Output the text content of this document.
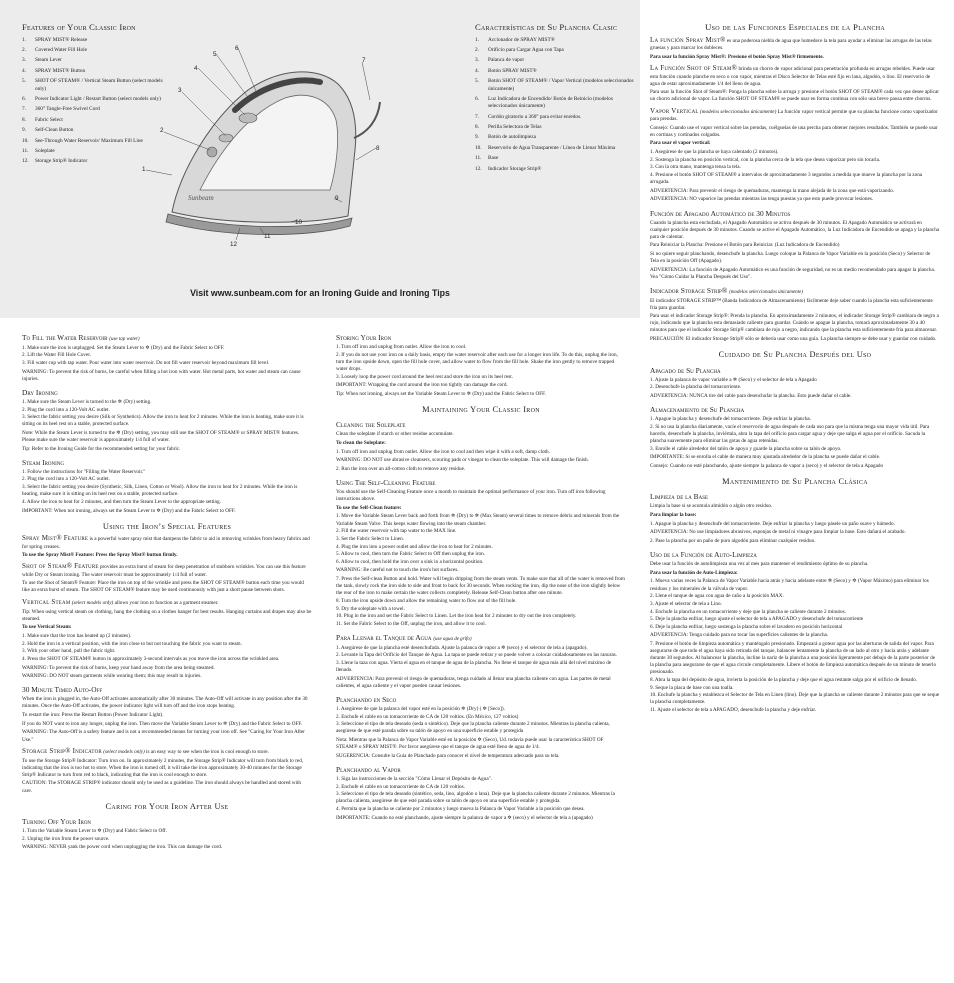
Features of Your Classic Iron
1. SPRAY MIST® Release
2. Covered Water Fill Hole
3. Steam Lever
4. SPRAY MIST® Button
5. SHOT OF STEAM® / Vertical Steam Button (select models only)
6. Power Indicator Light / Restart Button (select models only)
7. 360° Tangle-Free Swivel Cord
8. Fabric Select
9. Self-Clean Button
10. See-Through Water Reservoir/ Maximum Fill Line
11. Soleplate
12. Storage Strip® Indicator
Sunbeam
1
2
3
4
5
6
7
8
9
10
11
12
Características de Su Plancha Clasic
1. Accionador de SPRAY MIST®
2. Orificio para Cargar Agua con Tapa
3. Palanca de vapor
4. Botón SPRAY MIST®
5. Botón SHOT OF STEAM® / Vapor Vertical (modelos seleccionados únicamente)
6. Luz Indicadora de Encendido/ Botón de Reinicio (modelos seleccionados únicamente)
7. Cordón giratorio a 360° para evitar enredos.
8. Perilla Selectora de Telas
9. Botón de autolimpieza
10. Reservorio de Agua Transparente / Línea de Llenar Máxima
11. Base
12. Indicador Storage Strip®
Visit www.sunbeam.com for an Ironing Guide and Ironing Tips
To Fill the Water Reservoir (use tap water)
1. Make sure the iron is unplugged. Set the Steam Lever to ✲ (Dry) and the Fabric Select to OFF.
2. Lift the Water Fill Hole Cover.
3. Fill water cup with tap water. Pour water into water reservoir. Do not fill water reservoir beyond maximum fill level.

WARNING: To prevent the risk of burns, be careful when filling a hot iron with water. Hot metal parts, hot water and steam can cause injuries.

Dry Ironing
1. Make sure the Steam Lever is turned to the ✲ (Dry) setting.
2. Plug the cord into a 120-Volt AC outlet.
3. Select the fabric setting you desire (Silk or Synthetics). Allow the iron to heat for 2 minutes. While the iron is heating, make sure it is sitting on its heel rest on a stable, protected surface.

Note: While the Steam Lever is turned to the ✲ (Dry) setting, you may still use the SHOT OF STEAM® or SPRAY MIST® features. Please make sure the water reservoir is approximately 1/4 full of water.

Tip: Refer to the Ironing Guide for the recommended setting for your fabric.

Steam Ironing
1. Follow the instructions for "Filling the Water Reservoir."
2. Plug the cord into a 120-Volt AC outlet.
3. Select the fabric setting you desire (Synthetic, Silk, Linen, Cotton or Wool). Allow the iron to heat for 2 minutes. While the iron is heating, make sure it is sitting on its heel rest on a stable, protected surface.
4. Allow the iron to heat for 2 minutes, and then turn the Steam Lever to the appropriate setting.

IMPORTANT: When not ironing, always set the Steam Lever to ✲ (Dry) and the Fabric Select to OFF.

Using the Iron’s Special Features

Spray Mist® Feature is a powerful water spray mist that dampens the fabric to aid in removing wrinkles from heavy fabrics and for spring creases.

To use the Spray Mist® Feature: Press the Spray Mist® button firmly.

Shot of Steam® Feature provides an extra burst of steam for deep penetration of stubborn wrinkles. You can use this feature while Dry or Steam ironing. The water reservoir must be approximately 1/4 full of water.

To use the Shot of Steam® Feature: Place the iron on top of the wrinkle and press the SHOT OF STEAM® button each time you would like an extra burst of steam. The SHOT OF STEAM® feature may be used continuously with just a short pause between shots.

Vertical Steam (select models only) allows your iron to function as a garment steamer.

Tip: When using vertical steam on clothing, hang the clothing on a clothes hanger for best results. Hanging curtains and drapes may also be steamed.

To use Vertical Steam:

1. Make sure that the iron has heated up (2 minutes).
2. Hold the iron in a vertical position, with the iron close to but not touching the fabric you want to steam.
3. With your other hand, pull the fabric tight.
4. Press the SHOT OF STEAM® button in approximately 3-second intervals as you move the iron across the wrinkled area.

WARNING: To prevent the risk of burns, keep your hand away from the area being steamed.

WARNING: DO NOT steam garments while wearing them; this may result in injuries.

30 Minute Timed Auto-Off

When the iron is plugged in, the Auto-Off activates automatically after 30 minutes. The Auto-Off will activate in any position after the 30 minutes. Once the Auto-Off activates, the power indicator light will turn off and the iron stops heating.

To restart the iron: Press the Restart Button (Power Indicator Light).

If you do NOT want to iron any longer, unplug the iron. Then move the Variable Steam Lever to ✲ (Dry) and the Fabric Select to OFF.

WARNING: The Auto-Off is a safety feature and is not a recommended means for turning your iron off. See "Caring for Your Iron After Use."

Storage Strip® Indicator (select models only) is an easy way to see when the iron is cool enough to store.

To use the Storage Strip® Indicator: Turn iron on. In approximately 2 minutes, the Storage Strip® Indicator will turn from black to red, indicating that the iron is too hot to store. When the iron is turned off, it will take the iron approximately 30-40 minutes for the Storage Strip® Indicator to turn from red to black, indicating that the iron is cool enough to store.

CAUTION: The STORAGE STRIP® indicator should only be used as a guideline. The iron should always be handled and stored with care.

Caring for Your Iron After Use
Turning Off Your Iron
1. Turn the Variable Steam Lever to ✲ (Dry) and Fabric Select to Off.
2. Unplug the iron from the power source.

WARNING: NEVER yank the power cord when unplugging the iron. This can damage the cord.

Storing Your Iron
1. Turn off iron and unplug from outlet. Allow the iron to cool.
2. If you do not use your iron on a daily basis, empty the water reservoir after each use for a longer iron life. To do this, unplug the iron, turn the iron upside down, open the fill hole cover, and allow water to flow from the fill hole. Shake the iron gently to remove trapped water drops.
3. Loosely loop the power cord around the heel rest and store the iron on its heel rest.

IMPORTANT: Wrapping the cord around the iron too tightly can damage the cord.

Tip: When not ironing, always set the Variable Steam Lever to ✲ (Dry) and the Fabric Select to OFF.

Maintaining Your Classic Iron
Cleaning the Soleplate

Clean the soleplate if starch or other residue accumulate.

To clean the Soleplate:

1. Turn off iron and unplug from outlet. Allow the iron to cool and then wipe it with a soft, damp cloth.

WARNING: DO NOT use abrasive cleansers, scouring pads or vinegar to clean the soleplate. This will damage the finish.

2. Run the iron over an all-cotton cloth to remove any residue.
Using The Self-Cleaning Feature

You should use the Self-Cleaning Feature once a month to maintain the optimal performance of your iron. Turn off iron following instructions above.

To use the Self-Clean feature:

1. Move the Variable Steam Lever back and forth from ✲ (Dry) to ✲ (Max Steam) several times to remove debris and minerals from the Variable Steam Valve. This keeps water flowing into the steam chamber.
2. Fill the water reservoir with tap water to the MAX line.
3. Set the Fabric Select to Linen.
4. Plug the iron into a power outlet and allow the iron to heat for 2 minutes.
5. Allow to cool, then turn the Fabric Select to Off then unplug the iron.
6. Allow to cool, then hold the iron over a sink in a horizontal position.

WARNING: Be careful not to touch the iron's hot surfaces.

7. Press the Self-clean Button and hold. Water will begin dripping from the steam vents. To make sure that all of the water is removed from the tank, slowly rock the iron side to side and front to back for 30 seconds. When rocking the iron, dip the nose of the iron slightly below the rear of the iron to make certain the water collects completely. Release Self-Clean button after one minute.
8. Turn the iron upside down and allow the remaining water to flow out of the fill hole.
9. Dry the soleplate with a towel.
10. Plug in the iron and set the Fabric Select to Linen. Let the iron heat for 2 minutes to dry out the iron completely.
11. Set the Fabric Select to the Off, unplug the iron, and allow it to cool.
Para Llenar el Tanque de Agua (use agua de grifo)
1. Asegúrese de que la plancha esté desenchufada. Ajuste la palanca de vapor a ✲ (seco) y el selector de tela a (apagado).
2. Levante la Tapa del Orificio del Tanque de Agua. La tapa se puede retirar y se puede volver a colocar cuidadosamente en las ranuras.
3. Llene la taza con agua. Vierta el agua en el tanque de agua de la plancha. No llene el tanque de agua más allá del nivel máximo de llenado.

ADVERTENCIA: Para prevenir el riesgo de quemaduras, tenga cuidado al llenar una plancha caliente con agua. Las partes de metal calientes, el agua caliente y el vapor pueden causar lesiones.

Planchando en Seco
1. Asegúrese de que la palanca del vapor esté en la posición ✲ (Dry) ( ✲ [Seco]).
2. Enchufe el cable en un tomacorriente de CA de 120 voltios. (En México, 127 voltios)
3. Seleccione el tipo de tela deseado (seda o sintético). Deje que la plancha caliente durante 2 minutos. Mientras la plancha calienta, asegúrese de que esté parada sobre su talón de apoyo en una superficie estable y protegida

Nota: Mientras que la Palanca de Vapor Variable esté en la posición ✲ (Seco), Ud. todavía puede usar la característica SHOT OF STEAM® o SPRAY MIST®. Por favor asegúrese que el tanque de agua esté lleno de agua de 1/4.

SUGERENCIA: Consulte la Guía de Planchado para conocer el nivel de temperatura adecuado para su tela.

Planchando al Vapor
1. Siga las instrucciones de la sección "Cómo Llenar el Depósito de Agua".
2. Enchufe el cable en un tomacorriente de CA de 120 voltios.
3. Seleccione el tipo de tela deseado (sintético, seda, lino, algodón o lana). Deje que la plancha caliente durante 2 minutos. Mientras la plancha calienta, asegúrese de que esté parada sobre su talón de apoyo en una superficie estable y protegida.
4. Permita que la plancha se caliente por 2 minutos y luego mueva la Palanca de Vapor Variable a la posición que desea.

IMPORTANTE: Cuando no esté planchando, ajuste siempre la palanca de vapor a ✲ (seco) y el selector de tela a (apagado)

Uso de las Funciones Especiales de la Plancha

La función Spray Mist® es una poderosa niebla de agua que humedece la tela para ayudar a eliminar las arrugas de las telas gruesas y para marcar los dobleces.

Para usar la función Spray Mist®: Presione el botón Spray Mist® firmemente.

La Función Shot of Steam® brinda un chorro de vapor adicional para penetración profunda en arrugas rebeldes. Puede usar esta función cuando planche en seco o con vapor, mientras el Disco Selector de Telas esté fijo en lana, algodón, o lino. El reservorio de agua de estar aproximadamente 1/4 del lleno de agua.

Para usar la función Shot of Steam®: Ponga la plancha sobre la arruga y presione el botón SHOT OF STEAM® cada vez que desee aplicar un chorro adicional de vapor. La función SHOT OF STEAM® se puede usar en forma continua con sólo una breve pausa entre chorros.

Vapor Vertical (modelos seleccionados únicamente) La función vapor vertical permite que su plancha funcione como vaporizador para prendas.

Consejo: Cuando use el vapor vertical sobre las prendas, cuélguelas de una percha para obtener mejores resultados. También se puede usar en cortinas y cortinados colgados.

Para usar el vapor vertical:

1. Asegúrese de que la plancha se haya calentado (2 minutos).
2. Sostenga la plancha en posición vertical, con la plancha cerca de la tela que desea vaporizar pero sin tocarla.
3. Con la otra mano, mantenga tensa la tela.
4. Presione el botón SHOT OF STEAM® a intervalos de aproximadamente 3 segundos a medida que mueve la plancha por la zona arrugada.

ADVERTENCIA: Para prevenir el riesgo de quemaduras, mantenga la mano alejada de la zona que está vaporizando.

ADVERTENCIA: NO vaporice las prendas mientras las tenga puestas ya que esto puede provocar lesiones.

Función de Apagado Automático de 30 Minutos

Cuando la plancha esta enchufada, el Apagado Automático se activa después de 30 minutos. El Apagado Automático se activará en cualquier posición después de 30 minutos. Cuando se active el Apagado Automático, la Luz Indicadora de Encendido se apaga y la plancha para de calentar.

Para Reiniciar la Plancha: Presione el Botón para Reiniciar. (Luz Indicadora de Encendido)

Si no quiere seguir planchando, desenchufe la plancha. Luego coloque la Palanca de Vapor Variable en la posición (Seco) y Selector de Tela en la posición Off (Apagado).

ADVERTENCIA: La función de Apagado Automático es una función de seguridad, no es un medio recomendado para apagar la plancha. Vea "Cómo Cuidar la Plancha Después del Uso".

Indicador Storage Strip® (modelos seleccionados únicamente)

El indicador STORAGE STRIP™ (Banda Indicadora de Almacenamiento) fácilmente deje saber cuando la plancha esta suficientemente fría para guardar.

Para usar el indicador Storage Strip®: Prenda la plancha. En aproximadamente 2 minutos, el indicador Storage Strip® cambiara de negro a rojo, indicando que la plancha esta demasiado caliente para guardar. Cuándo se apague la plancha, tomará aproximadamente 30 a 40 minutos para que el indicador Storage Strip® cambiara de rojo a negro, indicando que la plancha esta suficientemente fría para almacenar.

PRECAUCIÓN: El indicador Storage Strip® sólo se debería usar como una guía. La plancha siempre se debe usar y guardar con cuidado.

Cuidado de Su Plancha Después del Uso
Apagado de Su Plancha
1. Ajuste la palanca de vapor variable a ✲ (Seco) y el selector de tela a Apagado
2. Desenchufe la plancha del tomacorriente.

ADVERTENCIA: NUNCA tire del cable para desenchufar la plancha. Esto puede dañar el cable.

Almacenamiento de Su Plancha
1. Apague la plancha y desenchufe del tomacorriente. Deje enfriar la plancha.
2. Si no usa la plancha diariamente, vacíe el reservorio de agua después de cada uso para que la misma tenga una mayor vida útil. Para hacerlo, desenchufe la plancha, inviértala, abra la tapa del orificio para cargar agua y deje que salga el agua por el orificio. Sacuda la plancha suavemente para eliminar las gotas de agua retenidas.
3. Enrolle el cable alrededor del talón de apoyo y guarde la plancha sobre su talón de apoyo.

IMPORTANTE: Si se enrolla el cable de manera muy ajustada alrededor de la plancha se puede dañar el cable.

Consejo: Cuando no esté planchando, ajuste siempre la palanca de vapor a (seco) y el selector de tela a Apagado

Mantenimiento de Su Plancha Clásica
Limpieza de la Base

Limpia la base si se acumula almidón o algún otro residuo.

Para limpiar la base:

1. Apague la plancha y desenchufe del tomacorriente. Deje enfriar la plancha y luego pásele un paño suave y húmedo.

ADVERTENCIA: No use limpiadores abrasivos, esponjas de metal ni vinagre para limpiar la base. Esto dañará el acabado.

2. Pase la plancha por un paño de puro algodón para eliminar cualquier residuo.
Uso de la Función de Auto-Limpieza

Debe usar la función de autolimpieza una vez al mes para mantener el rendimiento óptimo de su plancha.

Para usar la función de Auto-Limpieza:

1. Mueva varias veces la Palanca de Vapor Variable hacia atrás y hacia adelante entre ✲ (Seco) y ✲ (Vapor Máximo) para eliminar los residuos y los minerales de la válvula de vapor.
2. Llene el tanque de agua con agua de caño a la posición MAX.
3. Ajuste el selector de tela a Lino.
4. Enchufe la plancha en un tomacorriente y deje que la plancha se caliente durante 2 minutos.
5. Deje la plancha enfriar, luego ajuste el selector de tela a APAGADO y desenchufe del tomacorriente
6. Deje la plancha enfriar, luego sostenga la plancha sobre el lavadero en posición horizontal

ADVERTENCIA: Tenga cuidado para no tocar las superficies calientes de la plancha.

7. Presione el botón de limpieza automática y manténgalo presionado. Empezará a gotear agua por las aberturas de salida del vapor. Para asegurarse de que todo el agua haya sido retirada del tanque, balancee lentamente la plancha de un lado al otro y hacia atrás y adelante durante 30 segundos. Al balancear la plancha, incline la nariz de la plancha a una posición ligeramente por debajo de la parte posterior de la plancha para asegurarse de que el agua circule completamente. Libere el botón de limpieza automática después de un minuto de tenerlo presionado.
8. Abra la tapa del depósito de agua, invierta la posición de la plancha y deje que el agua restante salga por el orificio de llenado.
9. Seque la placa de base con una toalla.
10. Enchufe la plancha y establezca el Selector de Tela en Linen (lino). Deje que la plancha se caliente durante 2 minutos para que se seque la plancha completamente.
11. Ajuste el selector de tela a APAGADO, desenchufe la plancha y deje enfriar.
